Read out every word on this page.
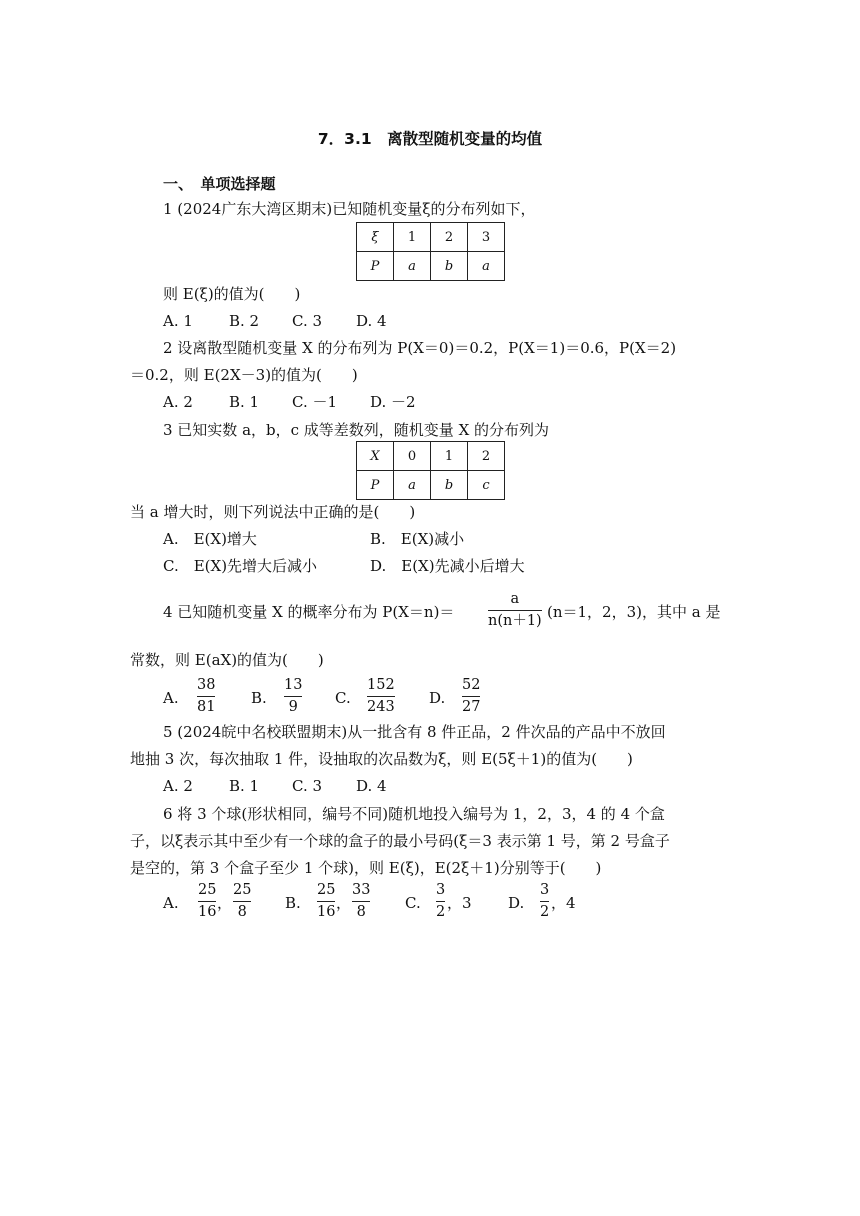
7．3.1　离散型随机变量的均值
一、　单项选择题
1 (2024广东大湾区期末)已知随机变量ξ的分布列如下，
ξ	1	2	3
P	a	b	a
则 E(ξ)的值为(　　)
A. 1 B. 2 C. 3 D. 4
2 设离散型随机变量 X 的分布列为 P(X＝0)＝0.2，P(X＝1)＝0.6，P(X＝2)
＝0.2，则 E(2X－3)的值为(　　)
A. 2 B. 1 C. －1 D. －2
3 已知实数 a，b，c 成等差数列，随机变量 X 的分布列为
X	0	1	2
P	a	b	c
当 a 增大时，则下列说法中正确的是(　　)
A.　E(X)增大	B.　E(X)减小
C.　E(X)先增大后减小	D.　E(X)先减小后增大
4 已知随机变量 X 的概率分布为 P(X＝n)＝
a
n(n＋1) (n＝1，2，3)，其中 a 是
常数，则 E(aX)的值为(　　)
A.
38
81 B.
13
9	C.
152
243 D.
52
27
5 (2024皖中名校联盟期末)从一批含有 8 件正品，2 件次品的产品中不放回
地抽 3 次，每次抽取 1 件，设抽取的次品数为ξ，则 E(5ξ＋1)的值为(　　)
A. 2 B. 1 C. 3 D. 4
6 将 3 个球(形状相同，编号不同)随机地投入编号为 1，2，3，4 的 4 个盒
子，以ξ表示其中至少有一个球的盒子的最小号码(ξ＝3 表示第 1 号，第 2 号盒子
是空的，第 3 个盒子至少 1 个球)，则 E(ξ)，E(2ξ＋1)分别等于(　　)
A.
25
16 ，
25
8	B.
25
16 ，
33
8	C.
3
2 ，3 D.
3
2 ，4
